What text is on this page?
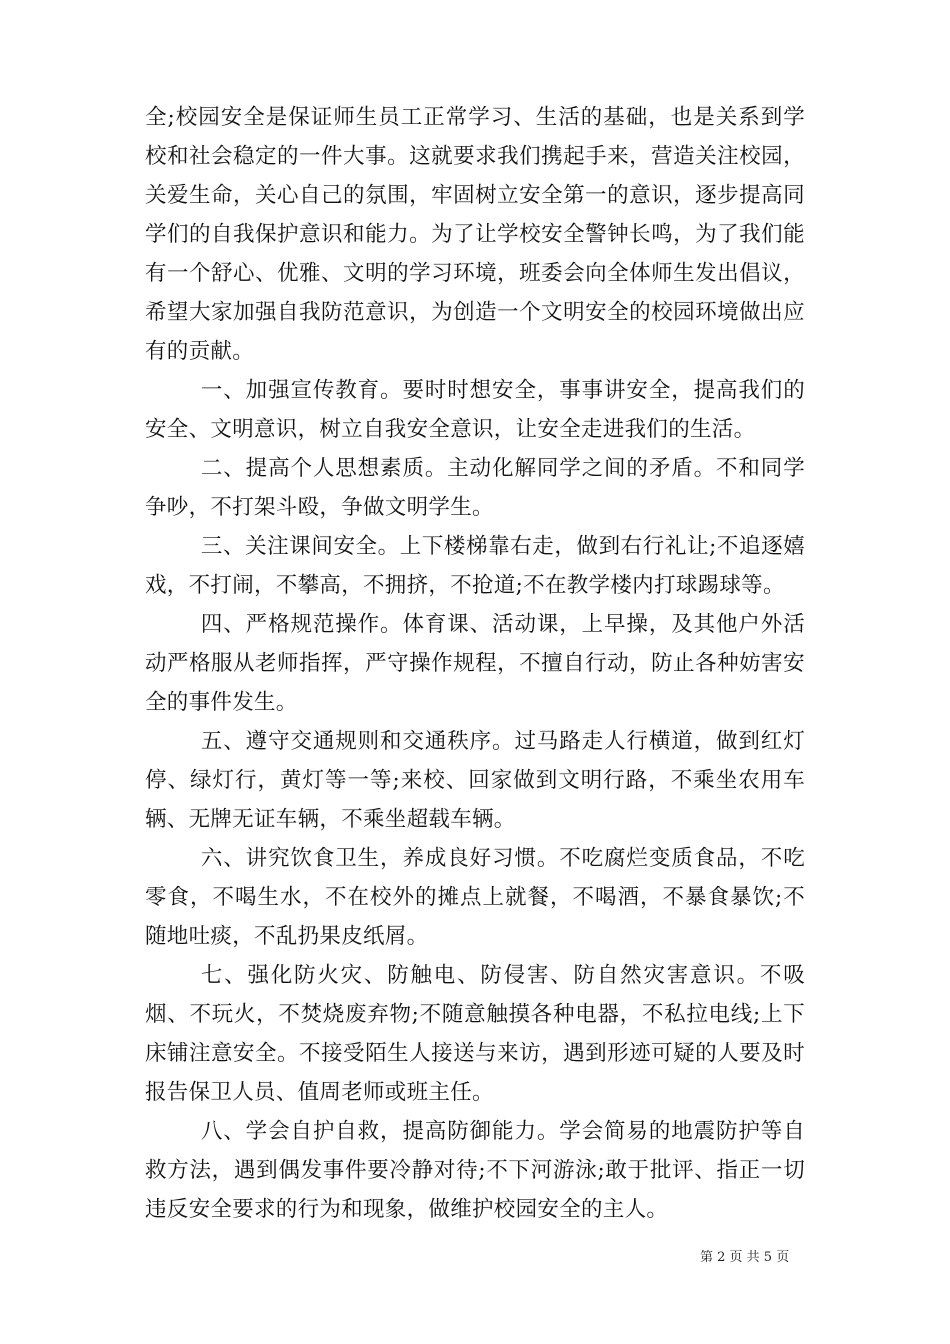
全;校园安全是保证师生员工正常学习、生活的基础，也是关系到学校和社会稳定的一件大事。这就要求我们携起手来，营造关注校园，关爱生命，关心自己的氛围，牢固树立安全第一的意识，逐步提高同学们的自我保护意识和能力。为了让学校安全警钟长鸣，为了我们能有一个舒心、优雅、文明的学习环境，班委会向全体师生发出倡议，希望大家加强自我防范意识，为创造一个文明安全的校园环境做出应有的贡献。

一、加强宣传教育。要时时想安全，事事讲安全，提高我们的安全、文明意识，树立自我安全意识，让安全走进我们的生活。

二、提高个人思想素质。主动化解同学之间的矛盾。不和同学争吵，不打架斗殴，争做文明学生。

三、关注课间安全。上下楼梯靠右走，做到右行礼让;不追逐嬉戏，不打闹，不攀高，不拥挤，不抢道;不在教学楼内打球踢球等。

四、严格规范操作。体育课、活动课，上早操，及其他户外活动严格服从老师指挥，严守操作规程，不擅自行动，防止各种妨害安全的事件发生。

五、遵守交通规则和交通秩序。过马路走人行横道，做到红灯停、绿灯行，黄灯等一等;来校、回家做到文明行路，不乘坐农用车辆、无牌无证车辆，不乘坐超载车辆。

六、讲究饮食卫生，养成良好习惯。不吃腐烂变质食品，不吃零食，不喝生水，不在校外的摊点上就餐，不喝酒，不暴食暴饮;不随地吐痰，不乱扔果皮纸屑。

七、强化防火灾、防触电、防侵害、防自然灾害意识。不吸烟、不玩火，不焚烧废弃物;不随意触摸各种电器，不私拉电线;上下床铺注意安全。不接受陌生人接送与来访，遇到形迹可疑的人要及时报告保卫人员、值周老师或班主任。

八、学会自护自救，提高防御能力。学会简易的地震防护等自救方法，遇到偶发事件要冷静对待;不下河游泳;敢于批评、指正一切违反安全要求的行为和现象，做维护校园安全的主人。

第 2 页 共 5 页
